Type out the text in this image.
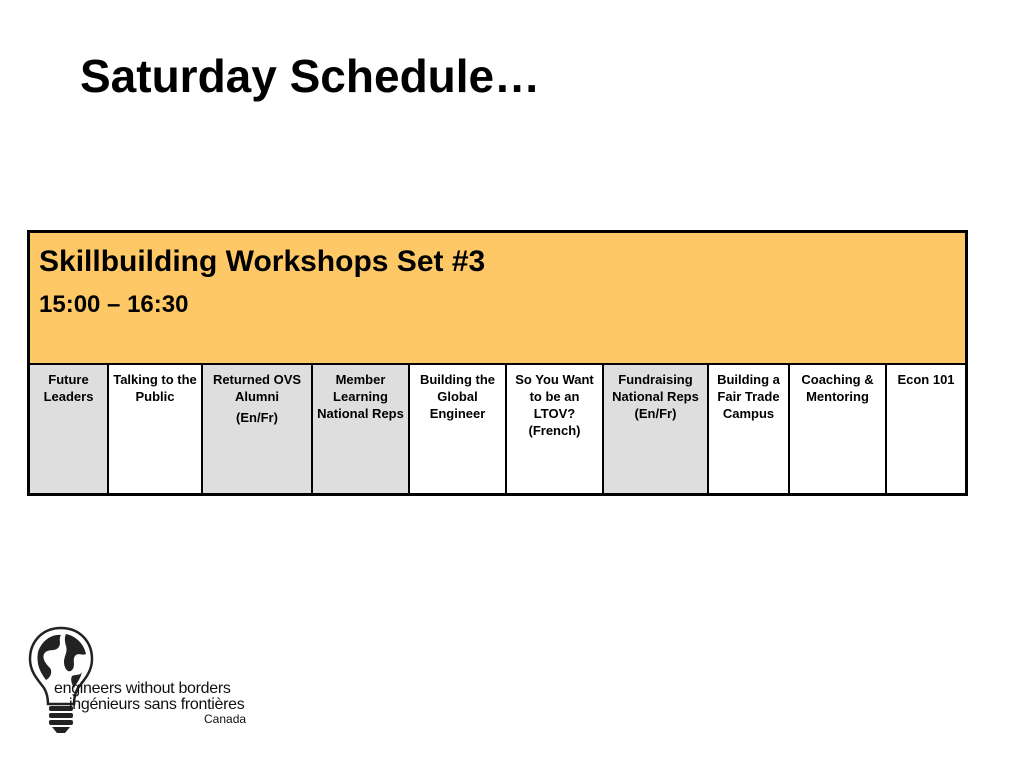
Saturday Schedule…

Skillbuilding Workshops Set #3

15:00 – 16:30

Future Leaders
Talking to the Public
Returned OVS Alumni
(En/Fr)
Member Learning National Reps
Building the Global Engineer
So You Want to be an LTOV? (French)
Fundraising National Reps (En/Fr)
Building a Fair Trade Campus
Coaching & Mentoring
Econ 101
engineers without borders
ingénieurs sans frontières
Canada
